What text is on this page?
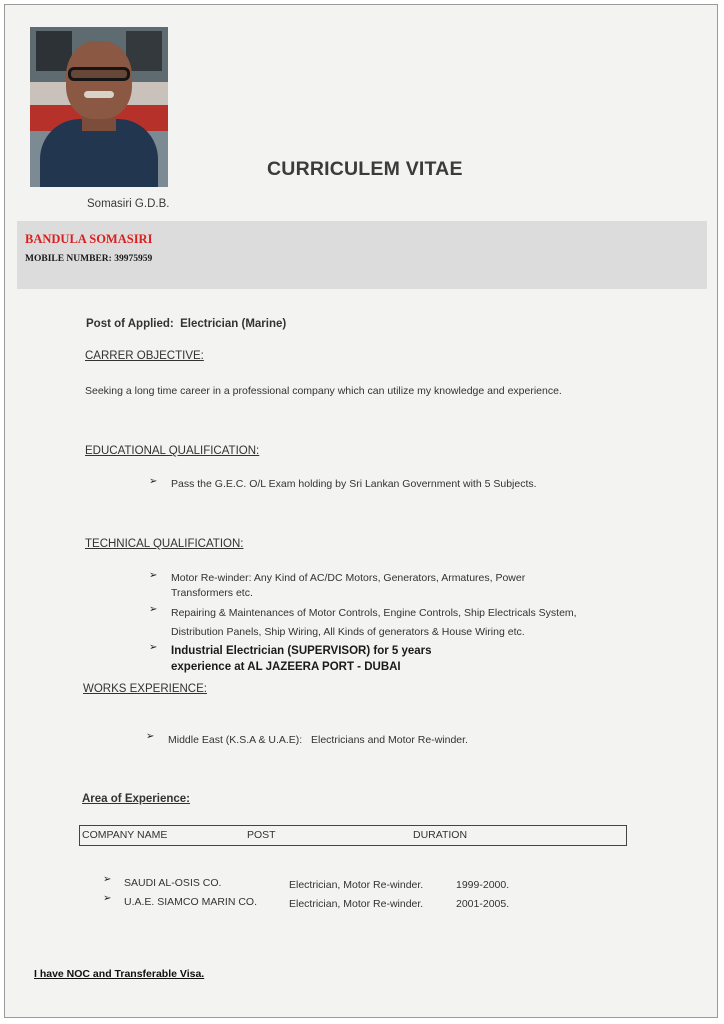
Somasiri G.D.B.
CURRICULEM VITAE
BANDULA SOMASIRI
MOBILE NUMBER: 39975959
Post of Applied: Electrician (Marine)
CARRER OBJECTIVE:
Seeking a long time career in a professional company which can utilize my knowledge and experience.
EDUCATIONAL QUALIFICATION:
➢ Pass the G.E.C. O/L Exam holding by Sri Lankan Government with 5 Subjects.
TECHNICAL QUALIFICATION:
➢ Motor Re-winder: Any Kind of AC/DC Motors, Generators, Armatures, Power
Transformers etc.
➢ Repairing & Maintenances of Motor Controls, Engine Controls, Ship Electricals System,
Distribution Panels, Ship Wiring, All Kinds of generators & House Wiring etc.
➢ Industrial Electrician (SUPERVISOR) for 5 years
experience at AL JAZEERA PORT - DUBAI
WORKS EXPERIENCE:
➢ Middle East (K.S.A & U.A.E): Electricians and Motor Re-winder.
Area of Experience:
COMPANY NAME	POST	DURATION
➢ SAUDI AL-OSIS CO.	Electrician, Motor Re-winder.	1999-2000.
➢ U.A.E. SIAMCO MARIN CO.	Electrician, Motor Re-winder.	2001-2005.
I have NOC and Transferable Visa.
